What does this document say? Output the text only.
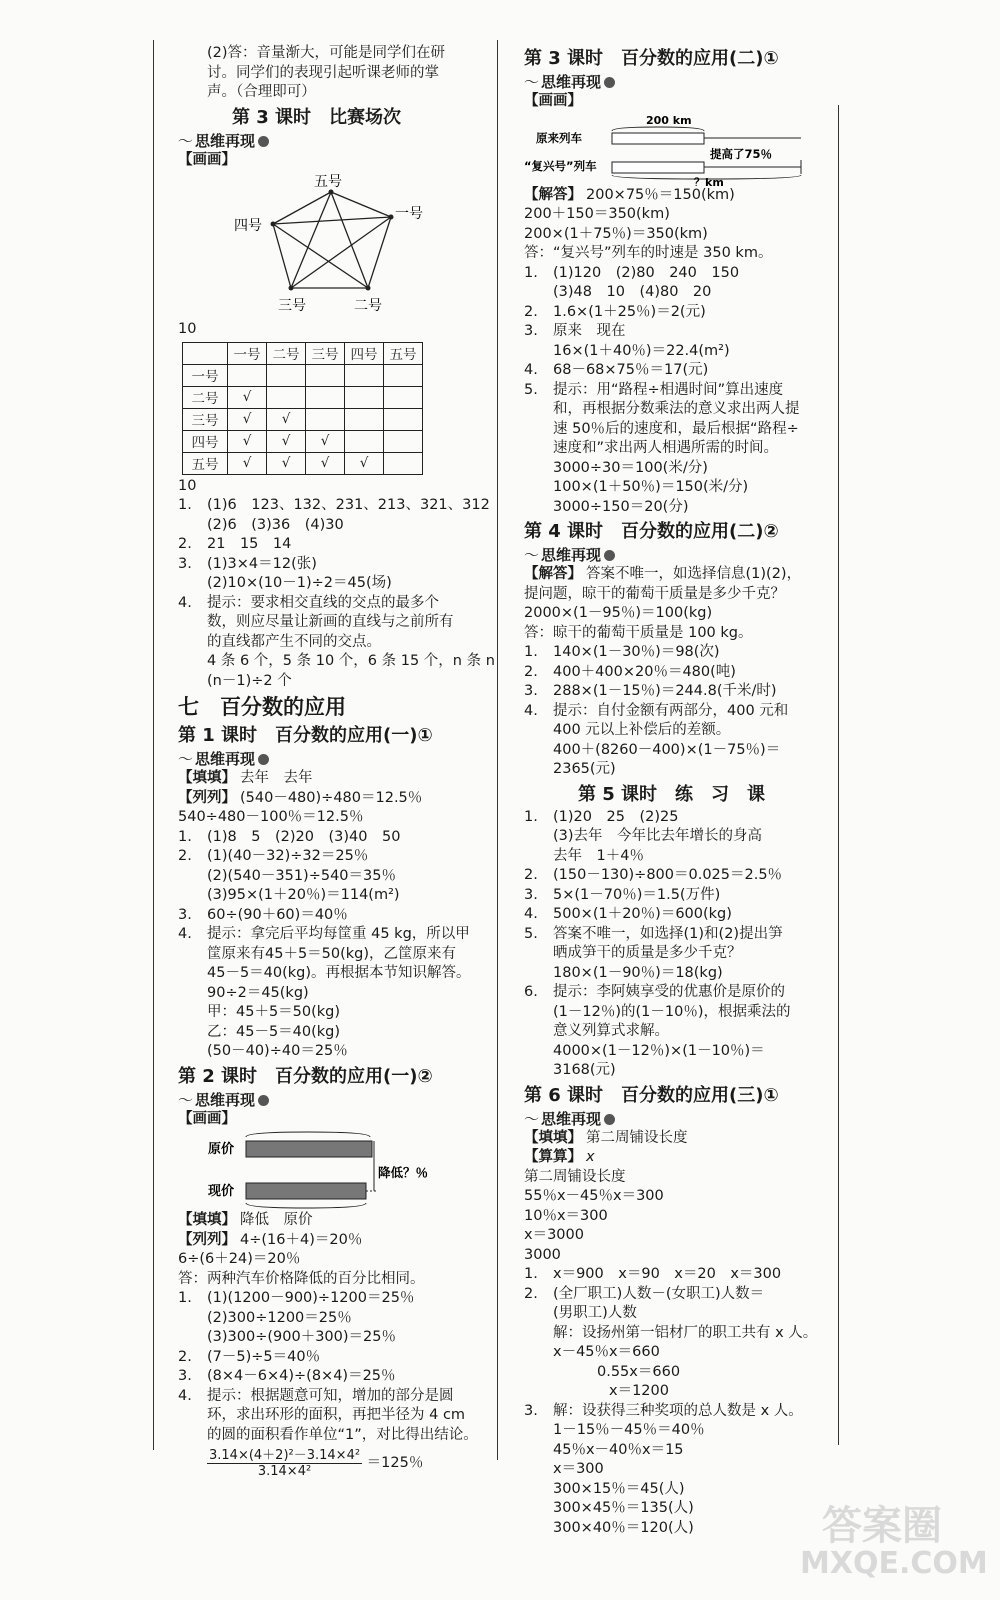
(2)答：音量渐大，可能是同学们在研
讨。同学们的表现引起听课老师的掌
声。（合理即可）
第 3 课时　比赛场次
～ 思维再现
【画画】
五号
一号
二号
三号
四号
10
	一号	二号	三号	四号	五号
一号					
二号	√				
三号	√	√			
四号	√	√	√		
五号	√	√	√	√	
10
1. (1)6　123、132、231、213、321、312
(2)6　(3)36　(4)30
2. 21　15　14
3. (1)3×4＝12(张)
(2)10×(10－1)÷2＝45(场)
4. 提示：要求相交直线的交点的最多个
数，则应尽量让新画的直线与之前所有
的直线都产生不同的交点。
4 条 6 个，5 条 10 个，6 条 15 个，n 条 n
(n－1)÷2 个
七　百分数的应用
第 1 课时　百分数的应用(一)①
～ 思维再现
【填填】 去年　去年
【列列】 (540－480)÷480＝12.5％
540÷480－100％＝12.5％
1. (1)8　5　(2)20　(3)40　50
2. (1)(40－32)÷32＝25％
(2)(540－351)÷540＝35％
(3)95×(1＋20％)＝114(m²)
3. 60÷(90＋60)＝40％
4. 提示：拿完后平均每筐重 45 kg，所以甲
筐原来有45＋5＝50(kg)，乙筐原来有
45－5＝40(kg)。再根据本节知识解答。
90÷2＝45(kg)
甲：45＋5＝50(kg)
乙：45－5＝40(kg)
(50－40)÷40＝25％
第 2 课时　百分数的应用(一)②
～ 思维再现
【画画】
原价
降低？％
现价
【填填】 降低　原价
【列列】 4÷(16＋4)＝20％
6÷(6＋24)＝20％
答：两种汽车价格降低的百分比相同。
1. (1)(1200－900)÷1200＝25％
(2)300÷1200＝25％
(3)300÷(900＋300)＝25％
2. (7－5)÷5＝40％
3. (8×4－6×4)÷(8×4)＝25％
4. 提示：根据题意可知，增加的部分是圆
环，求出环形的面积，再把半径为 4 cm
的圆的面积看作单位“1”，对比得出结论。
$\frac{\text{3.14×(4＋2)²－3.14×4²}}{\text{3.14×4²}} =125$％
第 3 课时　百分数的应用(二)①
～ 思维再现
【画画】
200 km
原来列车
提高了75％
“复兴号”列车
？km
【解答】 200×75％＝150(km)
200＋150＝350(km)
200×(1＋75％)＝350(km)
答：“复兴号”列车的时速是 350 km。
1. (1)120　(2)80　240　150
(3)48　10　(4)80　20
2. 1.6×(1＋25％)＝2(元)
3. 原来　现在
16×(1＋40％)＝22.4(m²)
4. 68－68×75％＝17(元)
5. 提示：用“路程÷相遇时间”算出速度
和，再根据分数乘法的意义求出两人提
速 50％后的速度和，最后根据“路程÷
速度和”求出两人相遇所需的时间。
3000÷30＝100(米/分)
100×(1＋50％)＝150(米/分)
3000÷150＝20(分)
第 4 课时　百分数的应用(二)②
～ 思维再现
【解答】 答案不唯一，如选择信息(1)(2)，
提问题，晾干的葡萄干质量是多少千克？
2000×(1－95％)＝100(kg)
答：晾干的葡萄干质量是 100 kg。
1. 140×(1－30％)＝98(次)
2. 400＋400×20％＝480(吨)
3. 288×(1－15％)＝244.8(千米/时)
4. 提示：自付金额有两部分，400 元和
400 元以上补偿后的差额。
400＋(8260－400)×(1－75％)＝
2365(元)
第 5 课时　练　习　课
1. (1)20　25　(2)25
(3)去年　今年比去年增长的身高
去年　1＋4％
2. (150－130)÷800＝0.025＝2.5％
3. 5×(1－70％)＝1.5(万件)
4. 500×(1＋20％)＝600(kg)
5. 答案不唯一，如选择(1)和(2)提出笋
晒成笋干的质量是多少千克？
180×(1－90％)＝18(kg)
6. 提示：李阿姨享受的优惠价是原价的
(1－12％)的(1－10％)，根据乘法的
意义列算式求解。
4000×(1－12％)×(1－10％)＝
3168(元)
第 6 课时　百分数的应用(三)①
～ 思维再现
【填填】 第二周铺设长度
【算算】 x
第二周铺设长度
55％x－45％x＝300
10％x＝300
x＝3000
3000
1. x＝900　x＝90　x＝20　x＝300
2. (全厂职工)人数－(女职工)人数＝
(男职工)人数
解：设扬州第一铝材厂的职工共有 x 人。
x－45％x＝660
0.55x＝660
x＝1200
3. 解：设获得三种奖项的总人数是 x 人。
1－15％－45％＝40％
45％x－40％x＝15
x＝300
300×15％＝45(人)
300×45％＝135(人)
300×40％＝120(人)	答案圈
MXQE.COM
